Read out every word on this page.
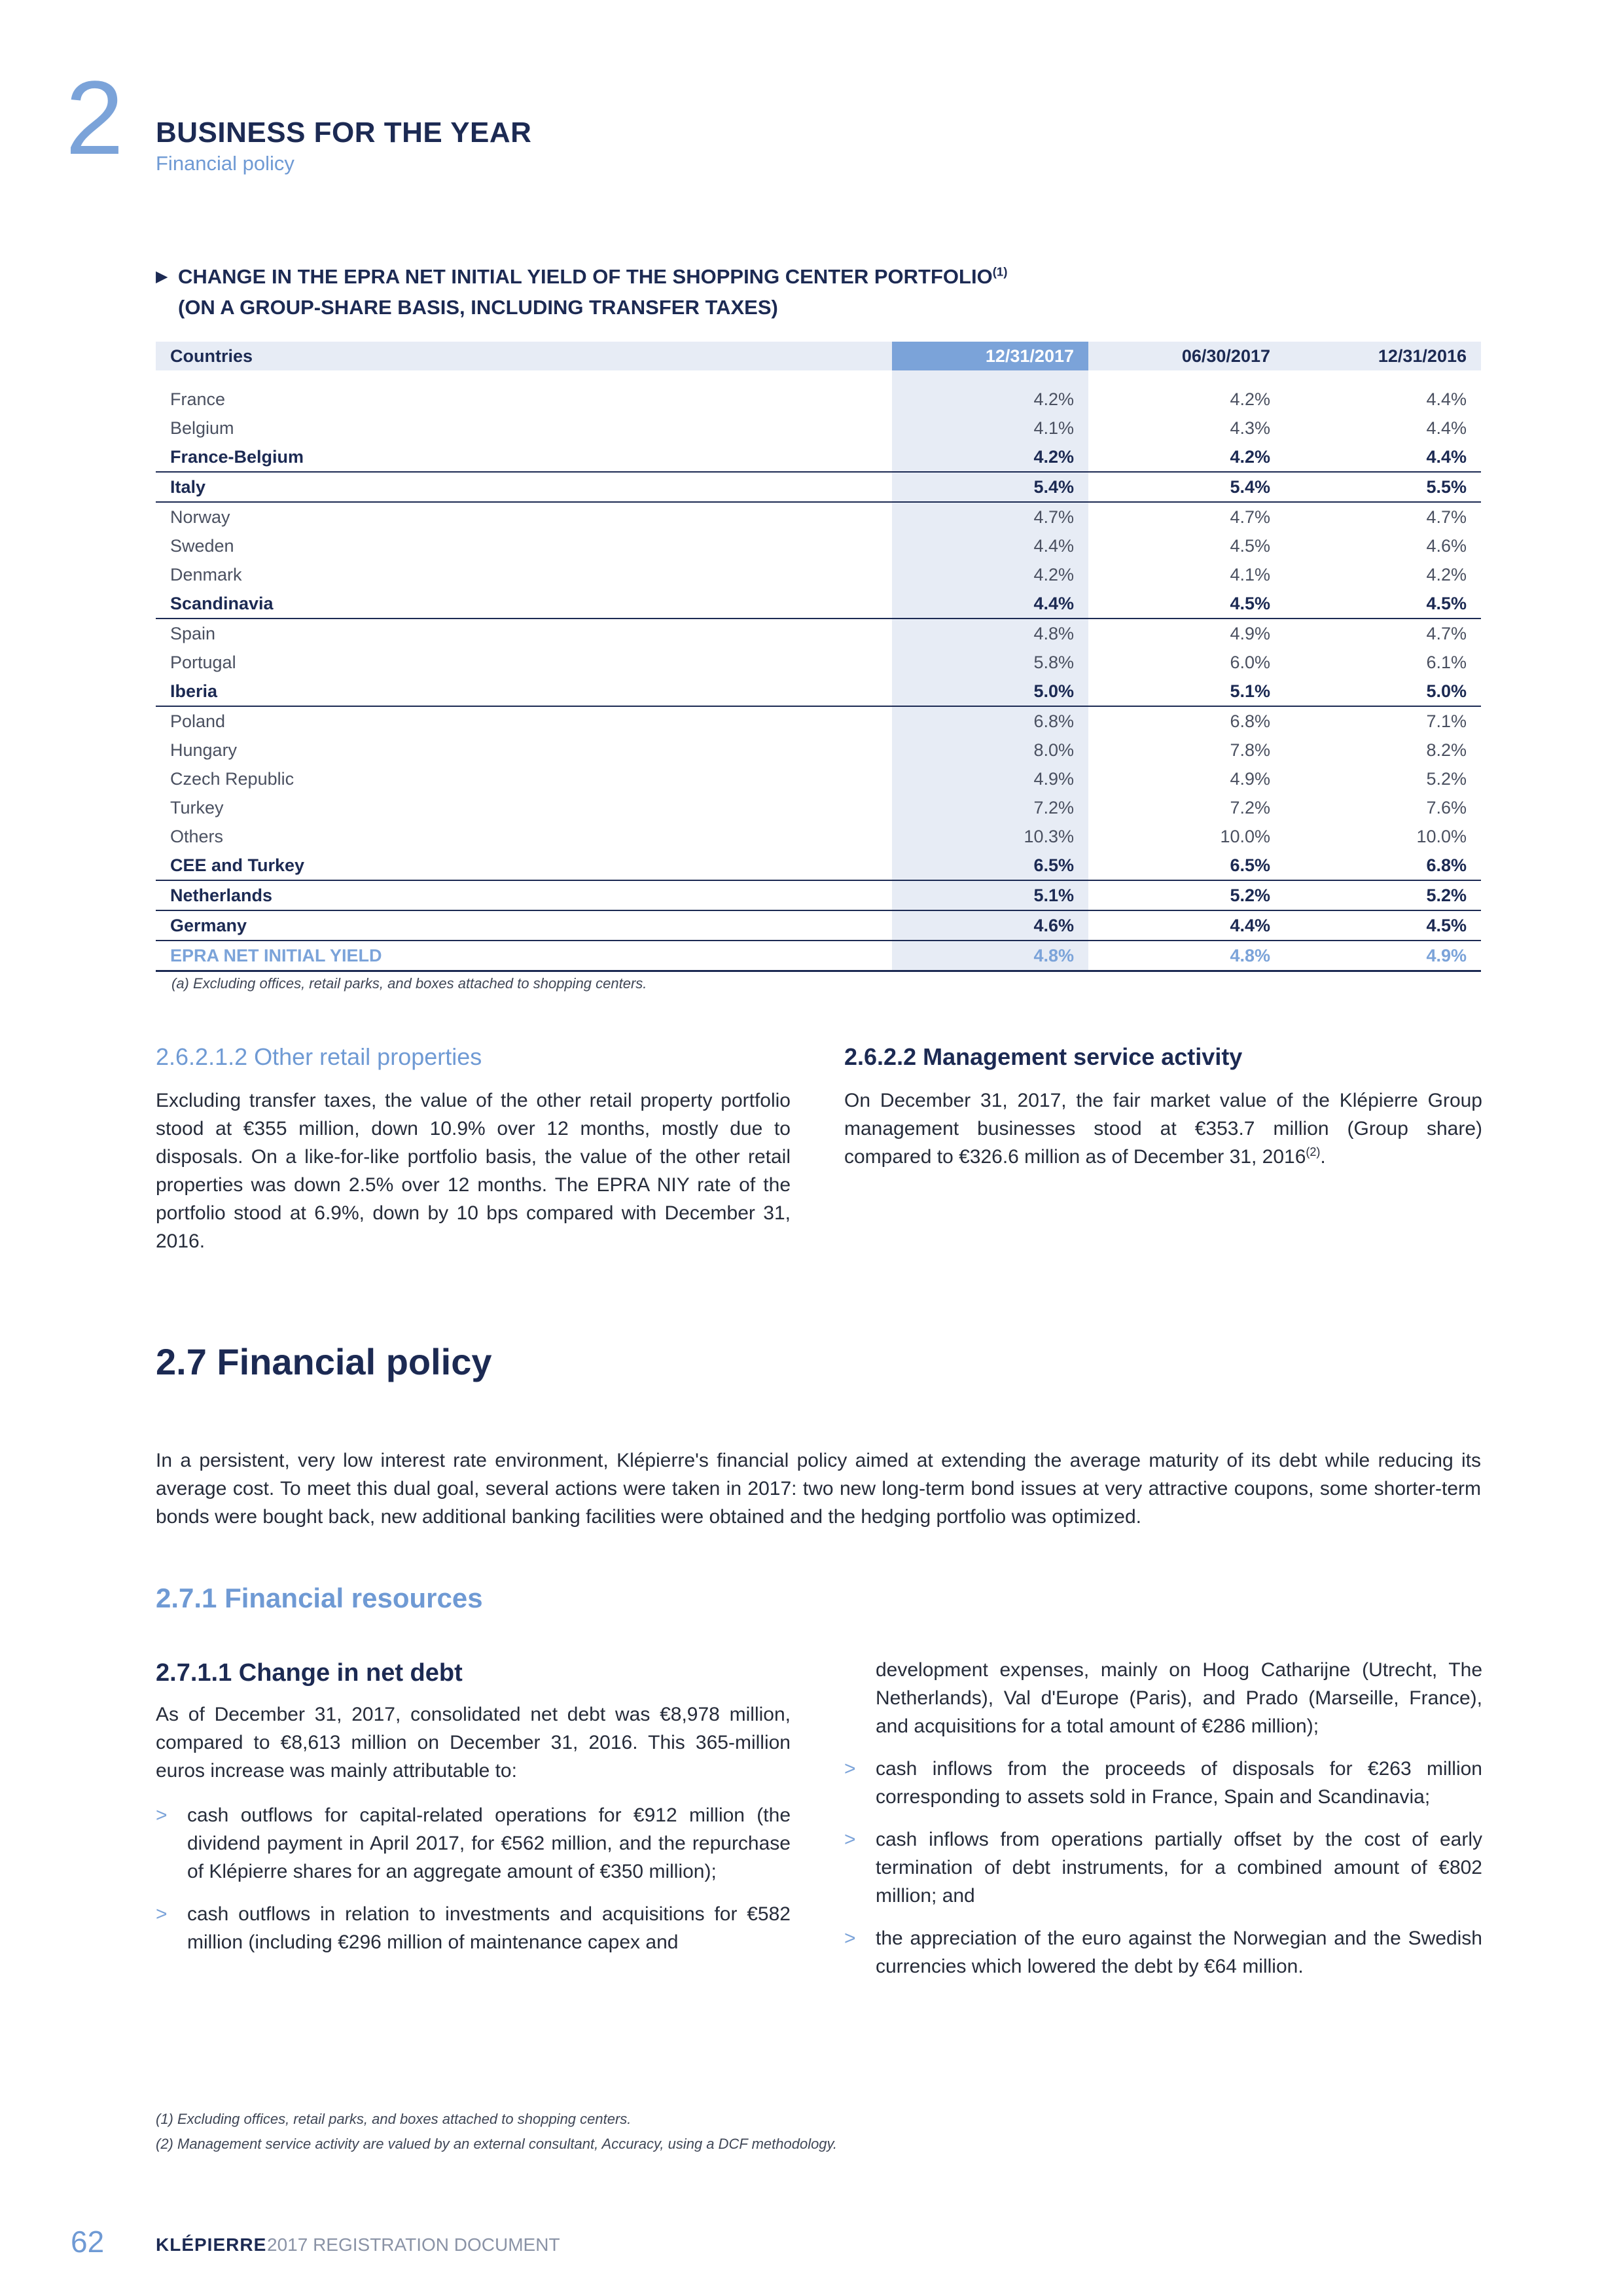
2 BUSINESS FOR THE YEAR
Financial policy
▶ CHANGE IN THE EPRA NET INITIAL YIELD OF THE SHOPPING CENTER PORTFOLIO$^{(1)}$
(ON A GROUP-SHARE BASIS, INCLUDING TRANSFER TAXES)
Countries	12/31/2017	06/30/2017	12/31/2016

France	4.2%	4.2%	4.4%
Belgium	4.1%	4.3%	4.4%
France-Belgium	4.2%	4.2%	4.4%
Italy	5.4%	5.4%	5.5%
Norway	4.7%	4.7%	4.7%
Sweden	4.4%	4.5%	4.6%
Denmark	4.2%	4.1%	4.2%
Scandinavia	4.4%	4.5%	4.5%
Spain	4.8%	4.9%	4.7%
Portugal	5.8%	6.0%	6.1%
Iberia	5.0%	5.1%	5.0%
Poland	6.8%	6.8%	7.1%
Hungary	8.0%	7.8%	8.2%
Czech Republic	4.9%	4.9%	5.2%
Turkey	7.2%	7.2%	7.6%
Others	10.3%	10.0%	10.0%
CEE and Turkey	6.5%	6.5%	6.8%
Netherlands	5.1%	5.2%	5.2%
Germany	4.6%	4.4%	4.5%
EPRA NET INITIAL YIELD	4.8%	4.8%	4.9%
(a) Excluding offices, retail parks, and boxes attached to shopping centers.
2.6.2.1.2 Other retail properties
Excluding transfer taxes, the value of the other retail property portfolio stood at €355 million, down 10.9% over 12 months, mostly due to disposals. On a like-for-like portfolio basis, the value of the other retail properties was down 2.5% over 12 months. The EPRA NIY rate of the portfolio stood at 6.9%, down by 10 bps compared with December 31, 2016.
2.6.2.2 Management service activity
On December 31, 2017, the fair market value of the Klépierre Group management businesses stood at €353.7 million (Group share) compared to €326.6 million as of December 31, 2016$^{(2)}$.
2.7 Financial policy
In a persistent, very low interest rate environment, Klépierre's financial policy aimed at extending the average maturity of its debt while reducing its average cost. To meet this dual goal, several actions were taken in 2017: two new long-term bond issues at very attractive coupons, some shorter-term bonds were bought back, new additional banking facilities were obtained and the hedging portfolio was optimized.
2.7.1 Financial resources
2.7.1.1 Change in net debt
As of December 31, 2017, consolidated net debt was €8,978 million, compared to €8,613 million on December 31, 2016. This 365-million euros increase was mainly attributable to:
> cash outflows for capital-related operations for €912 million (the dividend payment in April 2017, for €562 million, and the repurchase of Klépierre shares for an aggregate amount of €350 million);
> cash outflows in relation to investments and acquisitions for €582 million (including €296 million of maintenance capex and
development expenses, mainly on Hoog Catharijne (Utrecht, The Netherlands), Val d'Europe (Paris), and Prado (Marseille, France), and acquisitions for a total amount of €286 million);
> cash inflows from the proceeds of disposals for €263 million corresponding to assets sold in France, Spain and Scandinavia;
> cash inflows from operations partially offset by the cost of early termination of debt instruments, for a combined amount of €802 million; and
> the appreciation of the euro against the Norwegian and the Swedish currencies which lowered the debt by €64 million.
(1) Excluding offices, retail parks, and boxes attached to shopping centers.
(2) Management service activity are valued by an external consultant, Accuracy, using a DCF methodology.
62	KLÉPIERRE 2017 REGISTRATION DOCUMENT
